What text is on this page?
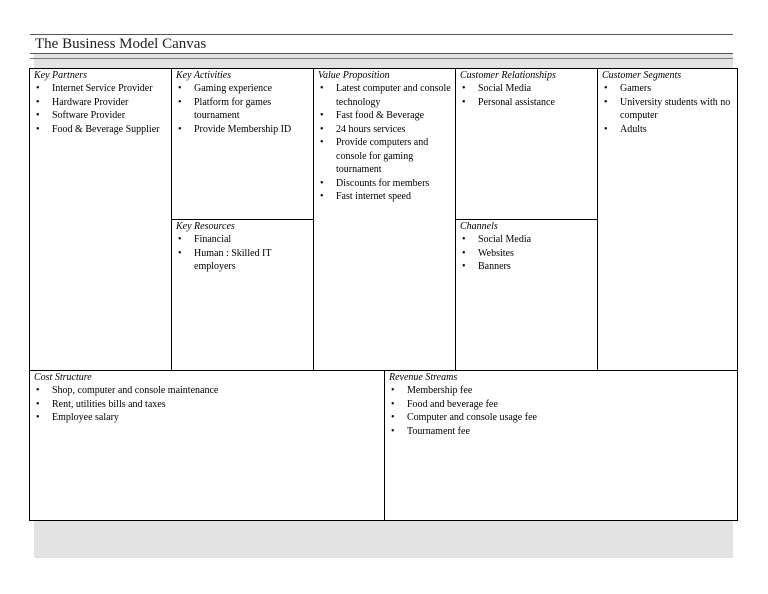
The Business Model Canvas
Key Partners
• Internet Service Provider
• Hardware Provider
• Software Provider
• Food & Beverage Supplier
Key Activities
• Gaming experience
• Platform for games tournament
• Provide Membership ID
Key Resources
• Financial
• Human : Skilled IT employers
Value Proposition
• Latest computer and console technology
• Fast food & Beverage
• 24 hours services
• Provide computers and console for gaming tournament
• Discounts for members
• Fast internet speed
Customer Relationships
• Social Media
• Personal assistance
Channels
• Social Media
• Websites
• Banners
Customer Segments
• Gamers
• University students with no computer
• Adults
Cost Structure
• Shop, computer and console maintenance
• Rent, utilities bills and taxes
• Employee salary
Revenue Streams
• Membership fee
• Food and beverage fee
• Computer and console usage fee
• Tournament fee
